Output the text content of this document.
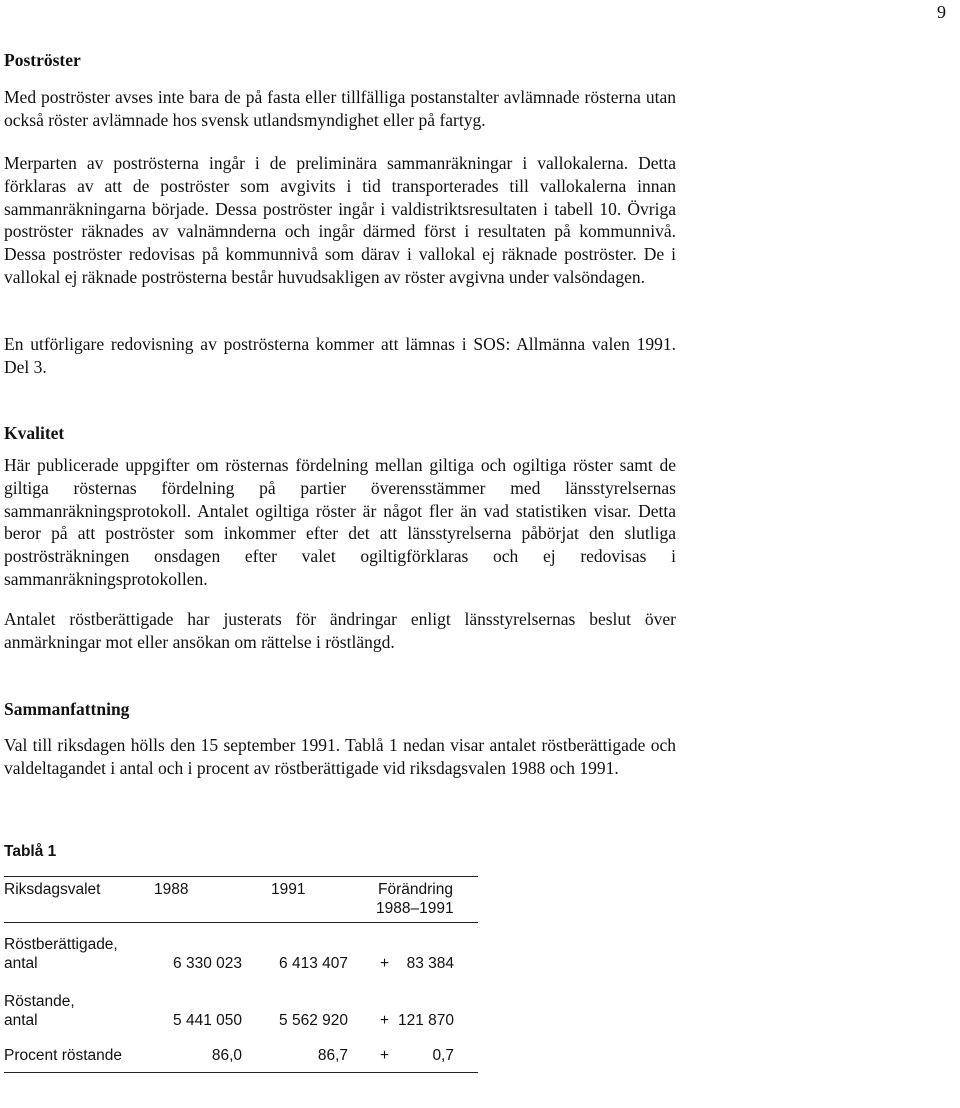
9
Poströster

Med poströster avses inte bara de på fasta eller tillfälliga postanstalter avlämnade rösterna utan också röster avlämnade hos svensk utlandsmyndighet eller på fartyg.

Merparten av poströsterna ingår i de preliminära sammanräkningar i vallokalerna. Detta förklaras av att de poströster som avgivits i tid transporterades till vallokalerna innan sammanräkningarna började. Dessa poströster ingår i valdistriktsresultaten i tabell 10. Övriga poströster räknades av valnämnderna och ingår därmed först i resultaten på kommunnivå. Dessa poströster redovisas på kommunnivå som därav i vallokal ej räknade poströster. De i vallokal ej räknade poströsterna består huvudsakligen av röster avgivna under valsöndagen.

En utförligare redovisning av poströsterna kommer att lämnas i SOS: Allmänna valen 1991. Del 3.

Kvalitet

Här publicerade uppgifter om rösternas fördelning mellan giltiga och ogiltiga röster samt de giltiga rösternas fördelning på partier överensstämmer med länsstyrelsernas sammanräkningsprotokoll. Antalet ogiltiga röster är något fler än vad statistiken visar. Detta beror på att poströster som inkommer efter det att länsstyrelserna påbörjat den slutliga poströsträkningen onsdagen efter valet ogiltigförklaras och ej redovisas i sammanräkningsprotokollen.

Antalet röstberättigade har justerats för ändringar enligt länsstyrelsernas beslut över anmärkningar mot eller ansökan om rättelse i röstlängd.

Sammanfattning

Val till riksdagen hölls den 15 september 1991. Tablå 1 nedan visar antalet röstberättigade och valdeltagandet i antal och i procent av röstberättigade vid riksdagsvalen 1988 och 1991.

Tablå 1
Riksdagsvalet	1988	1991	Förändring
1988–1991
Röstberättigade,
antal	6 330 023	6 413 407 +	83 384
Röstande,
antal	5 441 050	5 562 920 + 121 870
Procent röstande	86,0	86,7 +	0,7
